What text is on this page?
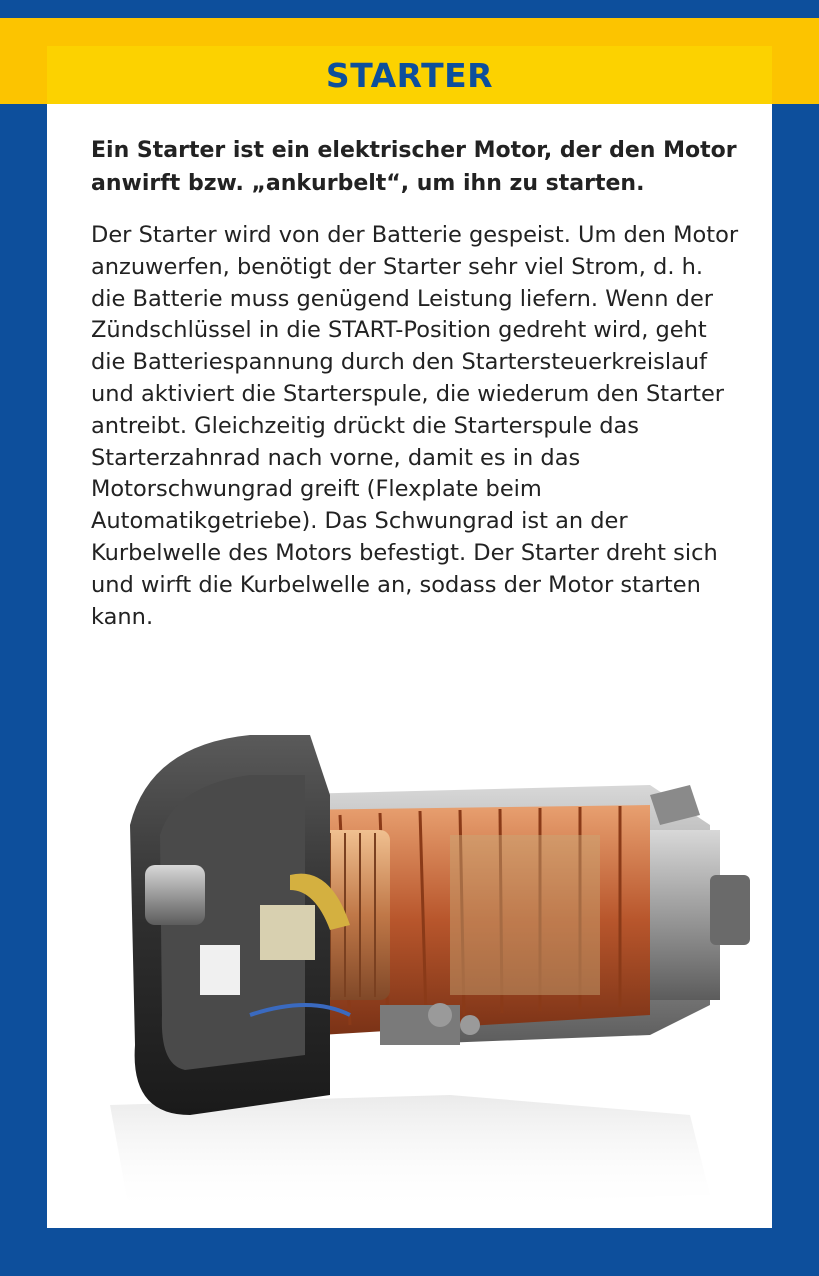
STARTER

Ein Starter ist ein elektrischer Motor, der den Motor anwirft bzw. „ankurbelt“, um ihn zu starten.

Der Starter wird von der Batterie gespeist. Um den Motor anzuwerfen, benötigt der Starter sehr viel Strom, d. h. die Batterie muss genügend Leistung liefern. Wenn der Zündschlüssel in die START-Position gedreht wird, geht die Batteriespannung durch den Startersteuerkreislauf und aktiviert die Starterspule, die wiederum den Starter antreibt. Gleichzeitig drückt die Starterspule das Starterzahnrad nach vorne, damit es in das Motorschwungrad greift (Flexplate beim Automatikgetriebe). Das Schwungrad ist an der Kurbelwelle des Motors befestigt. Der Starter dreht sich und wirft die Kurbelwelle an, sodass der Motor starten kann.
